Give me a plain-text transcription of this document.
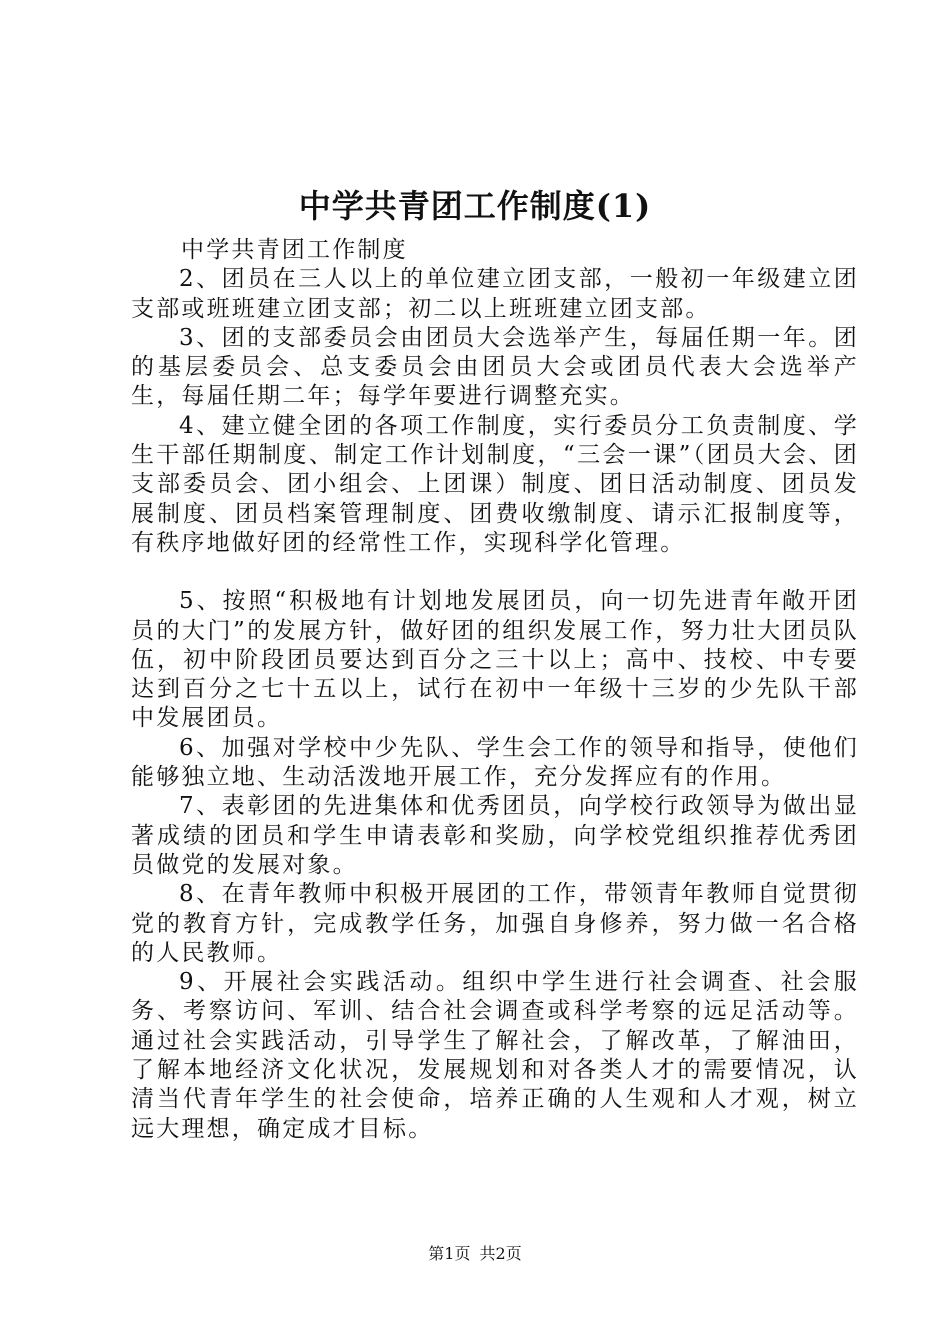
中学共青团工作制度(1)

中学共青团工作制度

2、团员在三人以上的单位建立团支部，一般初一年级建立团支部或班班建立团支部；初二以上班班建立团支部。

3、团的支部委员会由团员大会选举产生，每届任期一年。团的基层委员会、总支委员会由团员大会或团员代表大会选举产生，每届任期二年；每学年要进行调整充实。

4、建立健全团的各项工作制度，实行委员分工负责制度、学生干部任期制度、制定工作计划制度，“三会一课”（团员大会、团支部委员会、团小组会、上团课）制度、团日活动制度、团员发展制度、团员档案管理制度、团费收缴制度、请示汇报制度等，有秩序地做好团的经常性工作，实现科学化管理。

5、按照“积极地有计划地发展团员，向一切先进青年敞开团员的大门”的发展方针，做好团的组织发展工作，努力壮大团员队伍，初中阶段团员要达到百分之三十以上；高中、技校、中专要达到百分之七十五以上，试行在初中一年级十三岁的少先队干部中发展团员。

6、加强对学校中少先队、学生会工作的领导和指导，使他们能够独立地、生动活泼地开展工作，充分发挥应有的作用。

7、表彰团的先进集体和优秀团员，向学校行政领导为做出显著成绩的团员和学生申请表彰和奖励，向学校党组织推荐优秀团员做党的发展对象。

8、在青年教师中积极开展团的工作，带领青年教师自觉贯彻党的教育方针，完成教学任务，加强自身修养，努力做一名合格的人民教师。

9、开展社会实践活动。组织中学生进行社会调查、社会服务、考察访问、军训、结合社会调查或科学考察的远足活动等。通过社会实践活动，引导学生了解社会，了解改革，了解油田，了解本地经济文化状况，发展规划和对各类人才的需要情况，认清当代青年学生的社会使命，培养正确的人生观和人才观，树立远大理想，确定成才目标。

第1页 共2页
